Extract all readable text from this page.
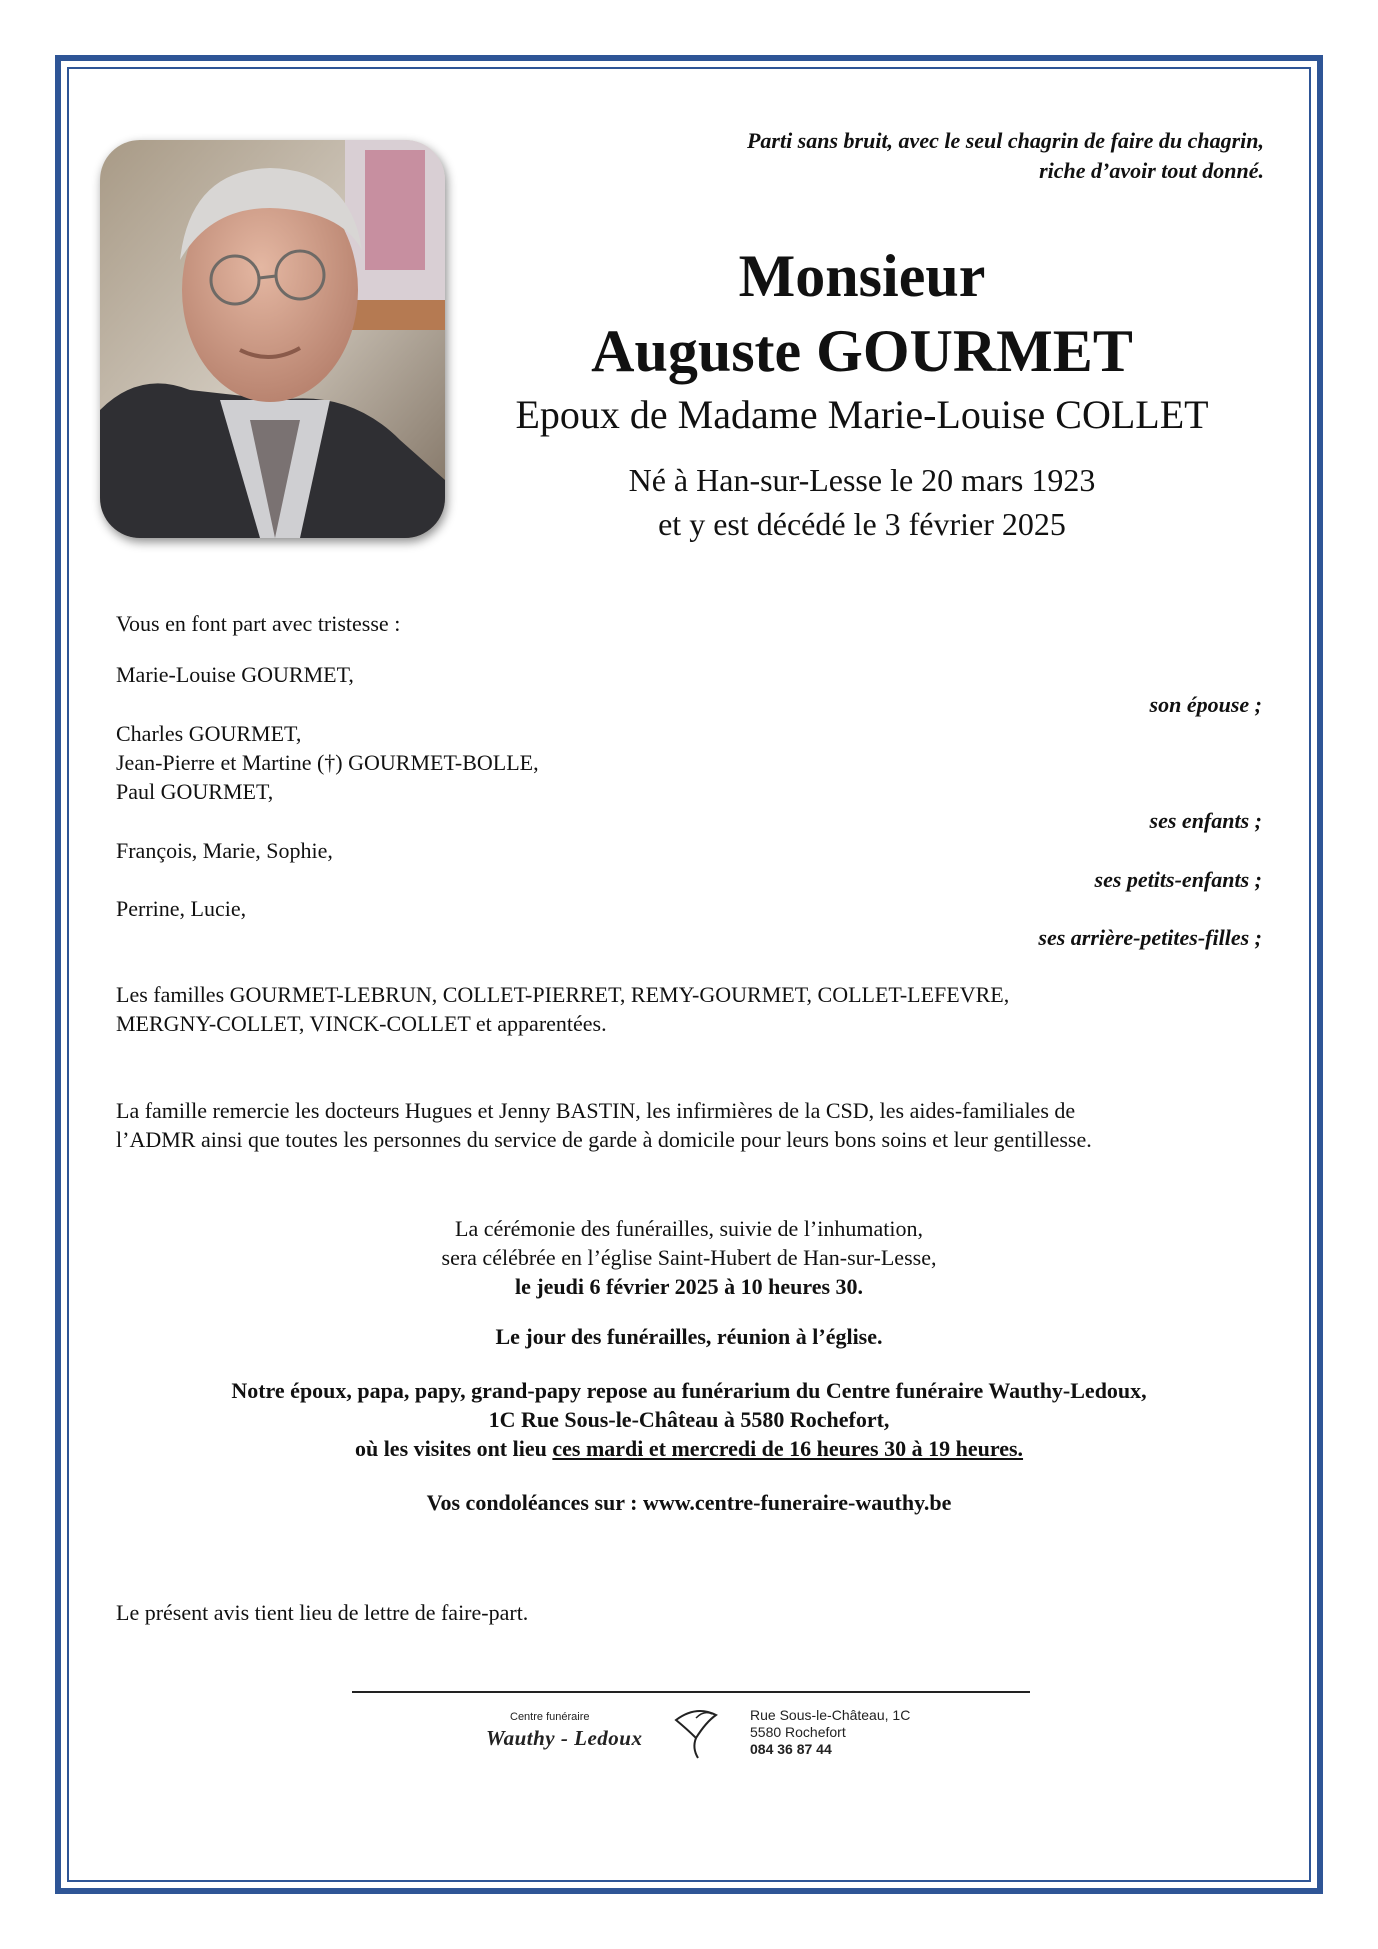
Parti sans bruit, avec le seul chagrin de faire du chagrin,
riche d’avoir tout donné.
Monsieur
Auguste GOURMET
Epoux de Madame Marie-Louise COLLET
Né à Han-sur-Lesse le 20 mars 1923
et y est décédé le 3 février 2025
Vous en font part avec tristesse :
Marie-Louise GOURMET,
son épouse ;
Charles GOURMET,
Jean-Pierre et Martine (†) GOURMET-BOLLE,
Paul GOURMET,
ses enfants ;
François, Marie, Sophie,
ses petits-enfants ;
Perrine, Lucie,
ses arrière-petites-filles ;
Les familles GOURMET-LEBRUN, COLLET-PIERRET, REMY-GOURMET, COLLET-LEFEVRE,
MERGNY-COLLET, VINCK-COLLET et apparentées.
La famille remercie les docteurs Hugues et Jenny BASTIN, les infirmières de la CSD, les aides-familiales de
l’ADMR ainsi que toutes les personnes du service de garde à domicile pour leurs bons soins et leur gentillesse.
La cérémonie des funérailles, suivie de l’inhumation,
sera célébrée en l’église Saint-Hubert de Han-sur-Lesse,
le jeudi 6 février 2025 à 10 heures 30.
Le jour des funérailles, réunion à l’église.
Notre époux, papa, papy, grand-papy repose au funérarium du Centre funéraire Wauthy-Ledoux,
1C Rue Sous-le-Château à 5580 Rochefort,
où les visites ont lieu ces mardi et mercredi de 16 heures 30 à 19 heures.
Vos condoléances sur : www.centre-funeraire-wauthy.be
Le présent avis tient lieu de lettre de faire-part.
Centre funéraire
Wauthy - Ledoux
Rue Sous-le-Château, 1C
5580 Rochefort
084 36 87 44
